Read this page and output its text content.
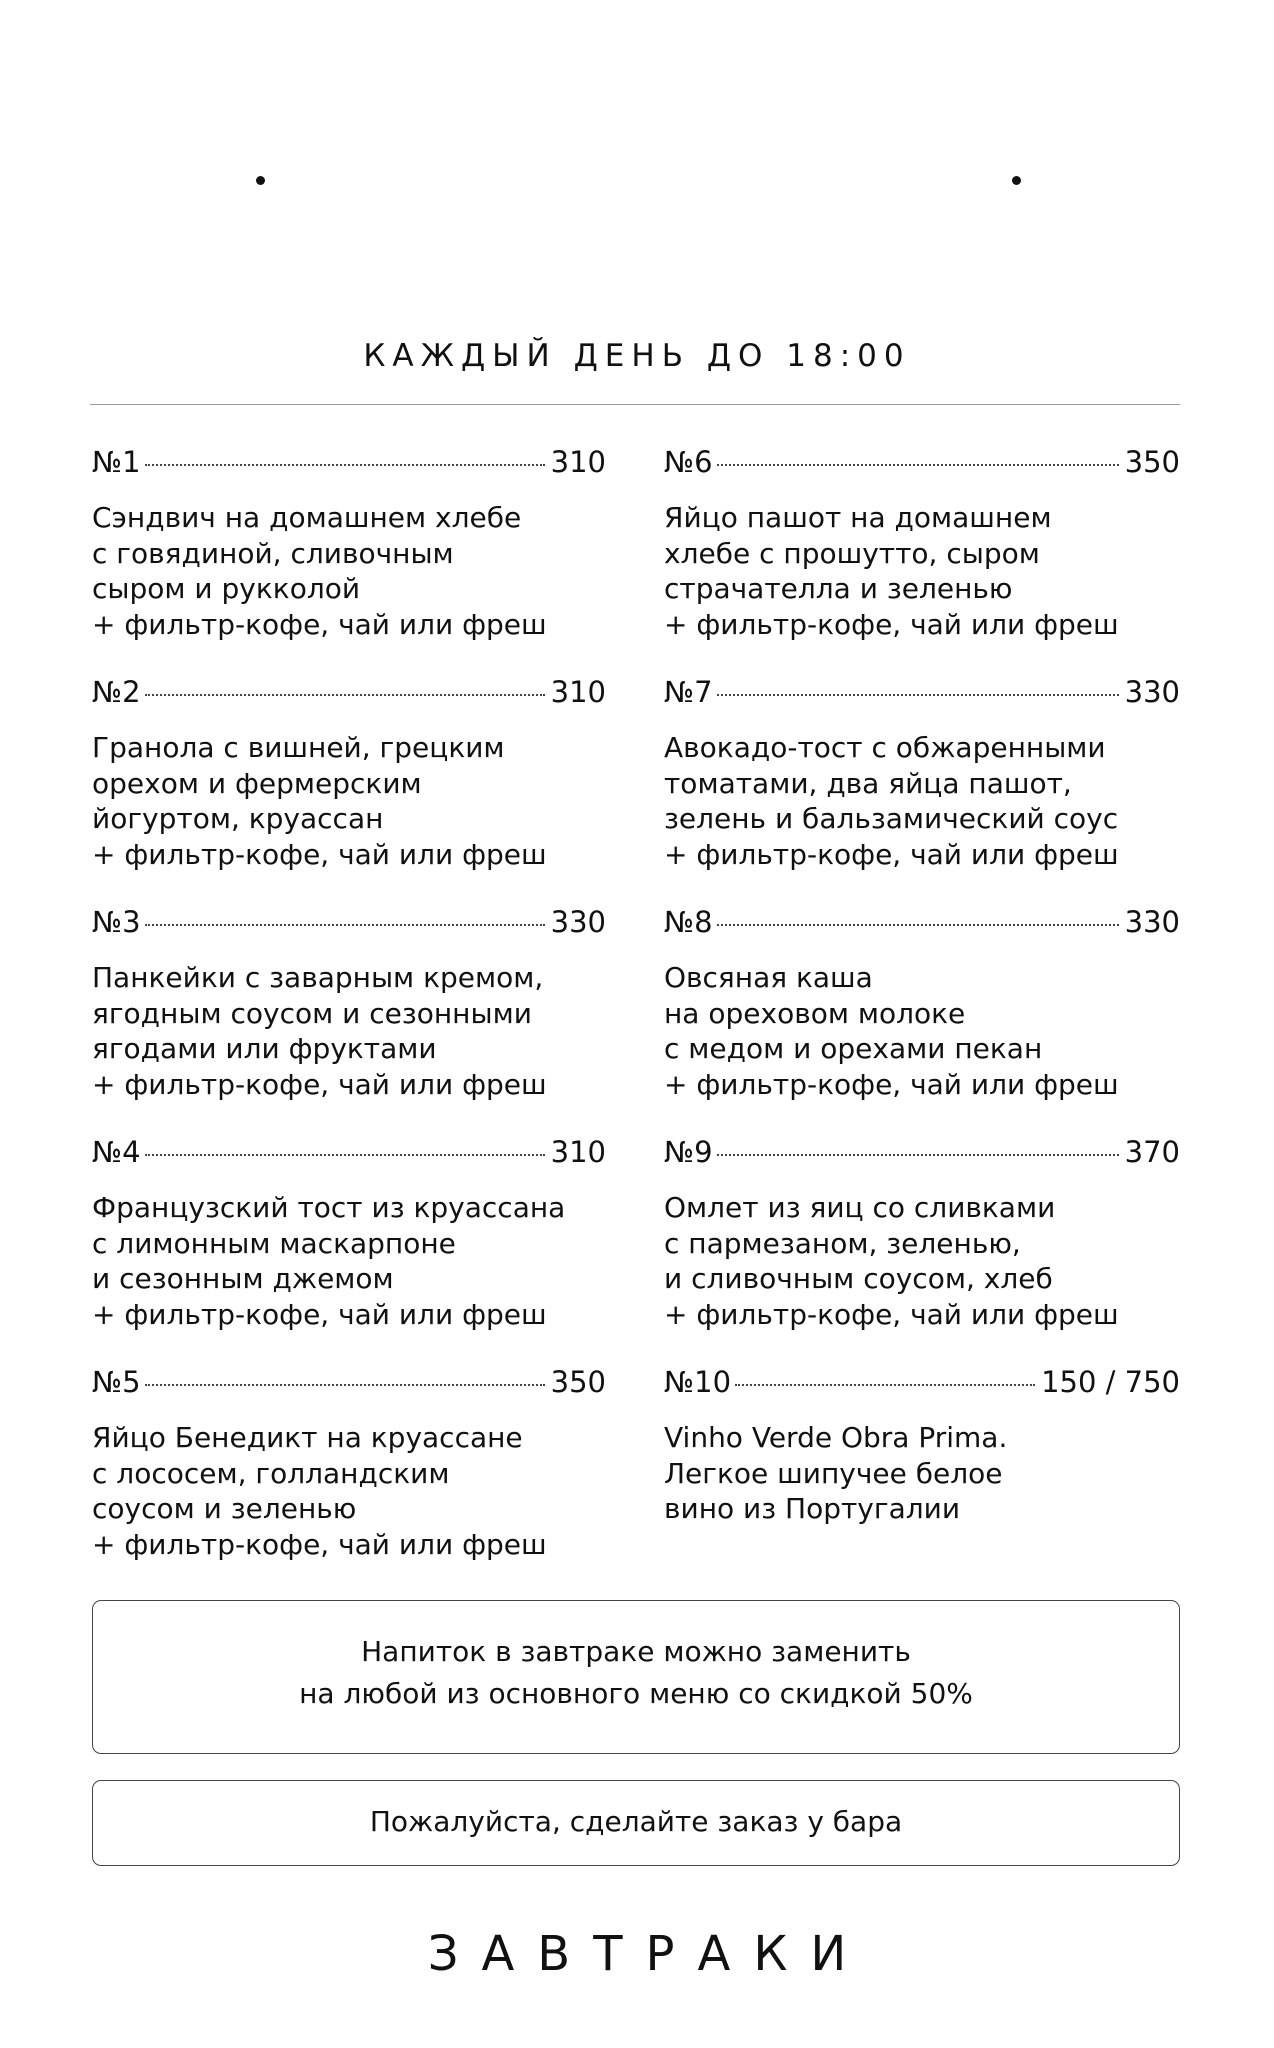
КАЖДЫЙ ДЕНЬ ДО 18:00
№1	310
Сэндвич на домашнем хлебе
с говядиной, сливочным
сыром и рукколой
+ фильтр-кофе, чай или фреш
№2	310
Гранола с вишней, грецким
орехом и фермерским
йогуртом, круассан
+ фильтр-кофе, чай или фреш
№3	330
Панкейки с заварным кремом,
ягодным соусом и сезонными
ягодами или фруктами
+ фильтр-кофе, чай или фреш
№4	310
Французский тост из круассана
с лимонным маскарпоне
и сезонным джемом
+ фильтр-кофе, чай или фреш
№5	350
Яйцо Бенедикт на круассане
с лососем, голландским
соусом и зеленью
+ фильтр-кофе, чай или фреш
№6	350
Яйцо пашот на домашнем
хлебе с прошутто, сыром
страчателла и зеленью
+ фильтр-кофе, чай или фреш
№7	330
Авокадо-тост с обжаренными
томатами, два яйца пашот,
зелень и бальзамический соус
+ фильтр-кофе, чай или фреш
№8	330
Овсяная каша
на ореховом молоке
с медом и орехами пекан
+ фильтр-кофе, чай или фреш
№9	370
Омлет из яиц со сливками
с пармезаном, зеленью,
и сливочным соусом, хлеб
+ фильтр-кофе, чай или фреш
№10	150 / 750
Vinho Verde Obra Prima.
Легкое шипучее белое
вино из Португалии
Напиток в завтраке можно заменить
на любой из основного меню со скидкой 50%
Пожалуйста, сделайте заказ у бара
ЗАВТРАКИ
